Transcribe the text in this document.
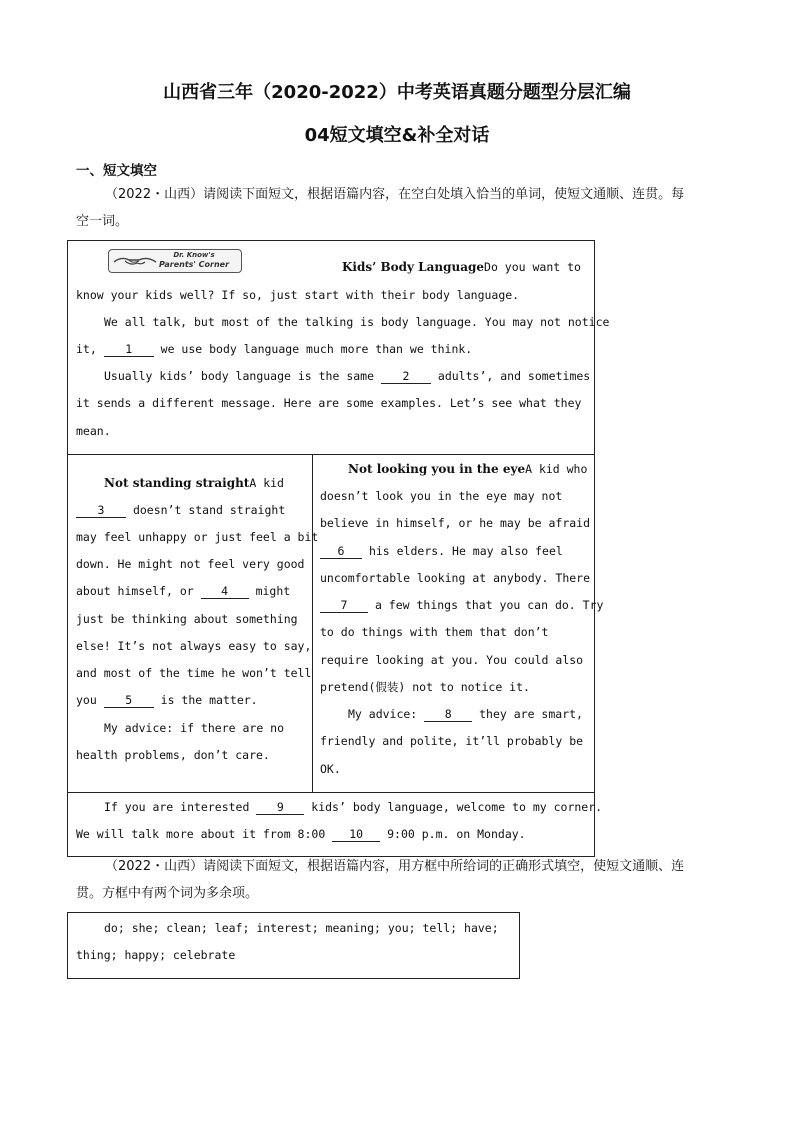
山西省三年（2020-2022）中考英语真题分题型分层汇编
04短文填空&补全对话
一、短文填空
（2022・山西）请阅读下面短文，根据语篇内容，在空白处填入恰当的单词，使短文通顺、连贯。每
空一词。
Dr. Know's
Parents' Corner	Kids’ Body LanguageDo you want to
know your kids well? If so, just start with their body language.
We all talk, but most of the talking is body language. You may not notice
it, 1 we use body language much more than we think.
Usually kids’ body language is the same 2 adults’, and sometimes
it sends a different message. Here are some examples. Let’s see what they
mean.
Not standing straightA kid
3 doesn’t stand straight
may feel unhappy or just feel a bit
down. He might not feel very good
about himself, or 4 might
just be thinking about something
else! It’s not always easy to say,
and most of the time he won’t tell
you 5 is the matter.
My advice: if there are no
health problems, don’t care.
Not looking you in the eyeA kid who
doesn’t look you in the eye may not
believe in himself, or he may be afraid
6 his elders. He may also feel
uncomfortable looking at anybody. There
7 a few things that you can do. Try
to do things with them that don’t
require looking at you. You could also
pretend(假装) not to notice it.
My advice: 8 they are smart,
friendly and polite, it’ll probably be
OK.
If you are interested 9 kids’ body language, welcome to my corner.
We will talk more about it from 8:00 10 9:00 p.m. on Monday.
（2022・山西）请阅读下面短文，根据语篇内容，用方框中所给词的正确形式填空，使短文通顺、连
贯。方框中有两个词为多余项。
do; she; clean; leaf; interest; meaning; you; tell; have;
thing; happy; celebrate
